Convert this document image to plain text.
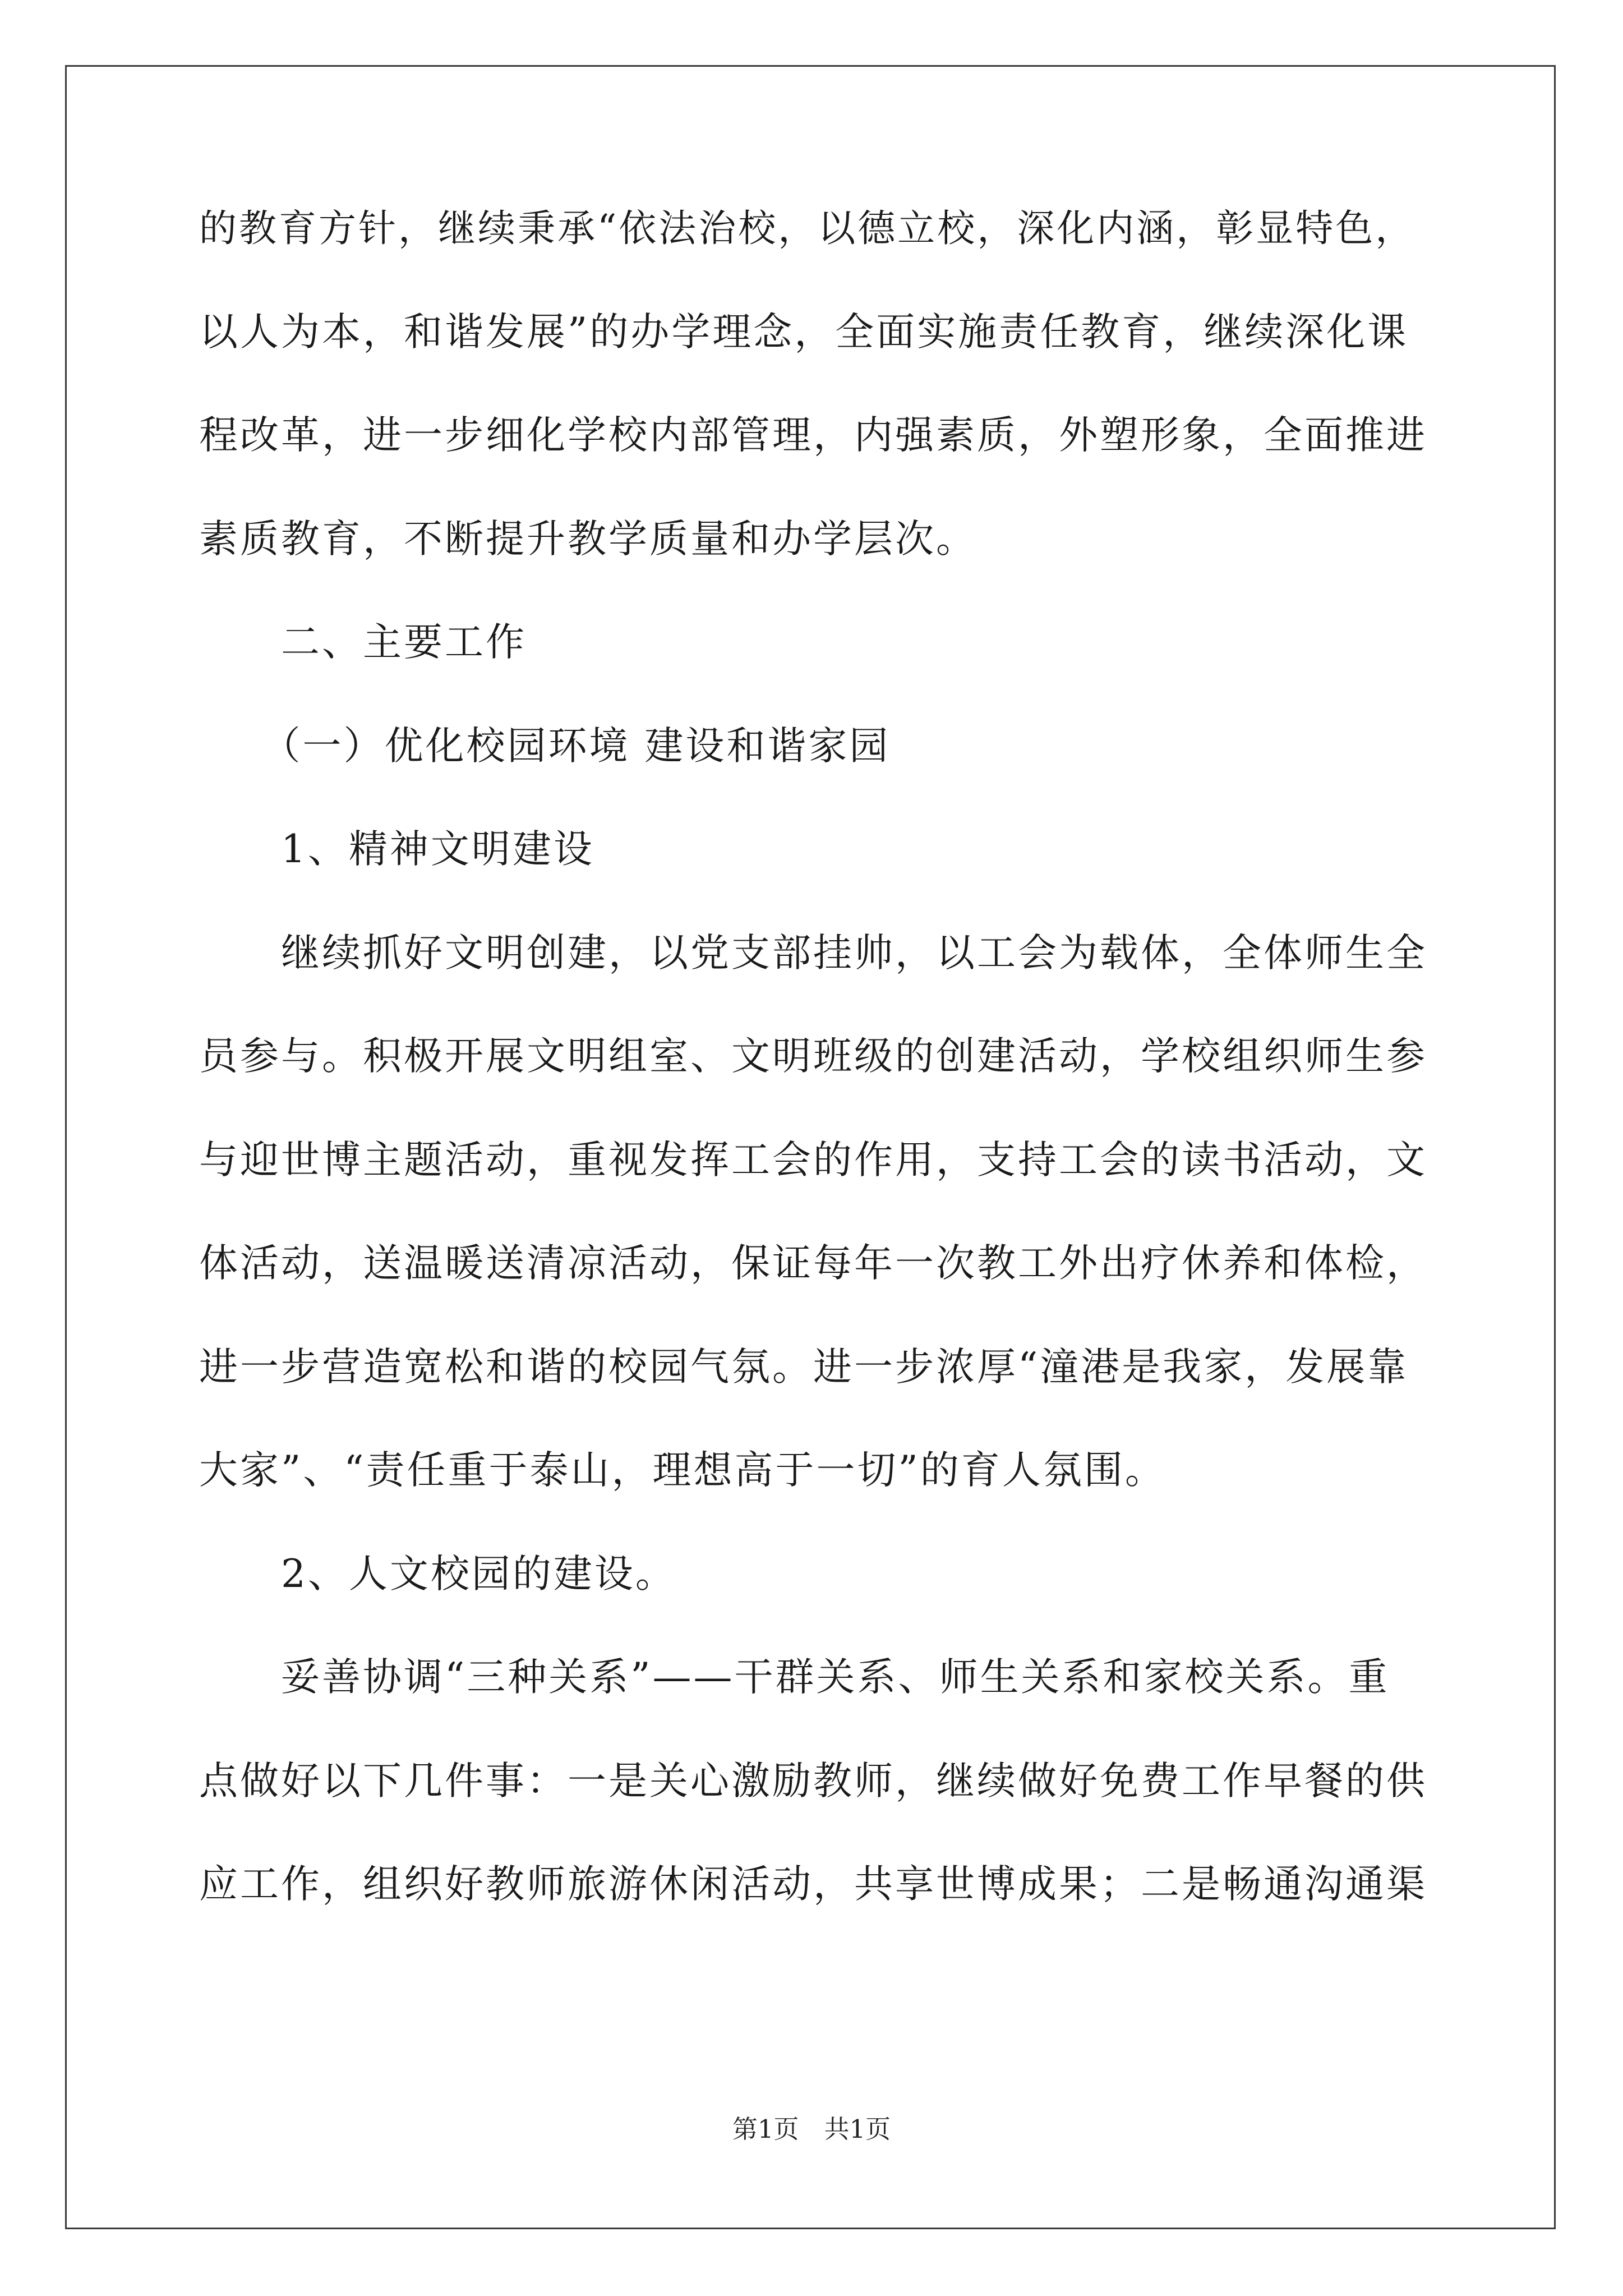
的教育方针，继续秉承“依法治校，以德立校，深化内涵，彰显特色，
以人为本，和谐发展”的办学理念，全面实施责任教育，继续深化课
程改革，进一步细化学校内部管理，内强素质，外塑形象，全面推进
素质教育，不断提升教学质量和办学层次。
　　二、主要工作
　　（一）优化校园环境 建设和谐家园
　　1、精神文明建设
　　继续抓好文明创建，以党支部挂帅，以工会为载体，全体师生全
员参与。积极开展文明组室、文明班级的创建活动，学校组织师生参
与迎世博主题活动，重视发挥工会的作用，支持工会的读书活动，文
体活动，送温暖送清凉活动，保证每年一次教工外出疗休养和体检，
进一步营造宽松和谐的校园气氛。进一步浓厚“潼港是我家，发展靠
大家”、“责任重于泰山，理想高于一切”的育人氛围。
　　2、人文校园的建设。
　　妥善协调“三种关系”——干群关系、师生关系和家校关系。重
点做好以下几件事：一是关心激励教师，继续做好免费工作早餐的供
应工作，组织好教师旅游休闲活动，共享世博成果；二是畅通沟通渠
第1页　共1页
